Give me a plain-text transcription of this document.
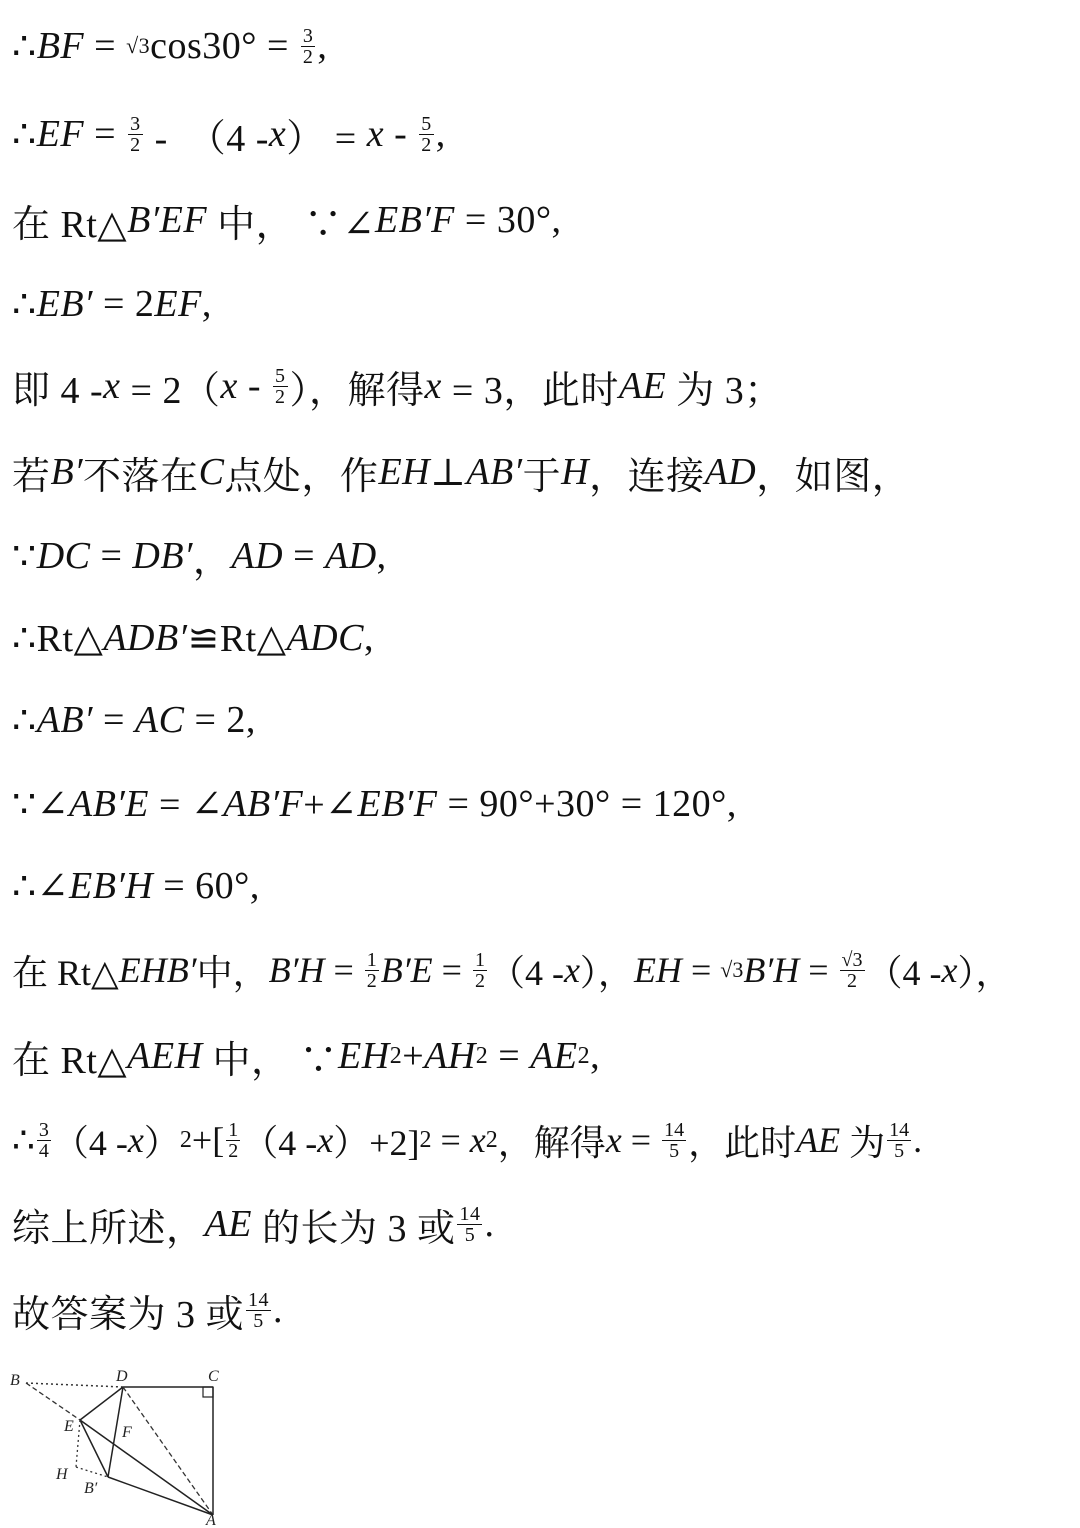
∴ BF = √3 $\cos 30^\circ = \frac{3}{2}$ ,
∴ EF = $\frac{3}{2} - (4$ - x ） = x - $\frac{5}{2}$ ,
在 Rt△ B′EF 中， ∵∠ EB′F = 30°,
∴ EB′ = 2 EF ,
即 4 - x = 2（ x - $\frac{5}{2}$ ），解得 x = 3，此时 AE 为 3；
若 B′ 不落在 C 点处，作 EH ⊥ AB′ 于 H ，连接 AD ，如图，
∵ DC = DB′ ， AD = AD ,
∴Rt△ ADB′ ≌Rt△ ADC ,
∴ AB′ = AC = 2,
∵∠ AB′E = ∠ AB′F +∠ EB′F = 90°+30° = 120°,
∴∠ EB′H = 60°,
在 Rt△ EHB′ 中， $B'H = \frac{1}{2} B'E = \frac{1}{2} (4 - x$ ）， EH = √3 $B'H = \frac{√3}{2} (4 - x$ ），
在 Rt△ AEH 中， ∵ EH 2 + AH 2 = AE 2 ,
∴ $\frac{3}{4} (4$ - x ） 2 +[ $\frac{1}{2} (4$ - x ）+2] 2 = x 2 ，解得 $x = \frac{14}{5}$ ，此时 AE 为 $\frac{14}{5}$ .
综上所述， AE 的长为 3 或 $\frac{14}{5}$ .
故答案为 3 或 $\frac{14}{5}$ .
B	D	C
E	F
H
B′
A
